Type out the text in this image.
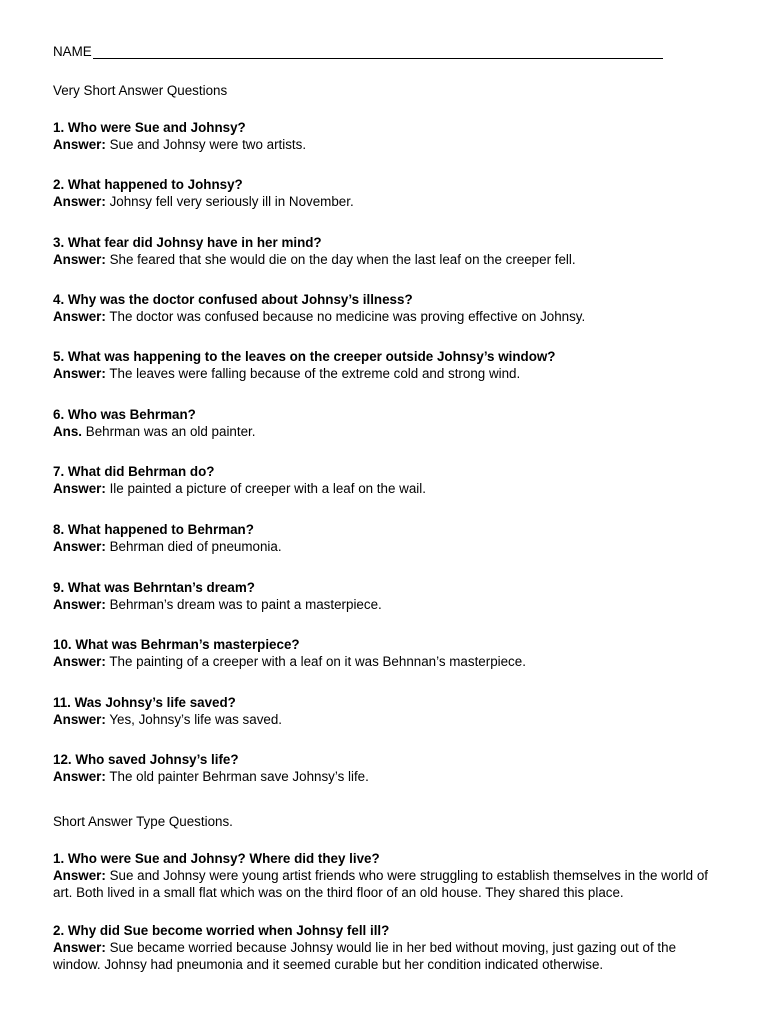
NAME
Very Short Answer Questions
1. Who were Sue and Johnsy?
Answer: Sue and Johnsy were two artists.
2. What happened to Johnsy?
Answer: Johnsy fell very seriously ill in November.
3. What fear did Johnsy have in her mind?
Answer: She feared that she would die on the day when the last leaf on the creeper fell.
4. Why was the doctor confused about Johnsy’s illness?
Answer: The doctor was confused because no medicine was proving effective on Johnsy.
5. What was happening to the leaves on the creeper outside Johnsy’s window?
Answer: The leaves were falling because of the extreme cold and strong wind.
6. Who was Behrman?
Ans. Behrman was an old painter.
7. What did Behrman do?
Answer: Ile painted a picture of creeper with a leaf on the wail.
8. What happened to Behrman?
Answer: Behrman died of pneumonia.
9. What was Behrntan’s dream?
Answer: Behrman’s dream was to paint a masterpiece.
10. What was Behrman’s masterpiece?
Answer: The painting of a creeper with a leaf on it was Behnnan’s masterpiece.
11. Was Johnsy’s life saved?
Answer: Yes, Johnsy’s life was saved.
12. Who saved Johnsy’s life?
Answer: The old painter Behrman save Johnsy’s life.
Short Answer Type Questions.
1. Who were Sue and Johnsy? Where did they live?
Answer: Sue and Johnsy were young artist friends who were struggling to establish themselves in the world of art. Both lived in a small flat which was on the third floor of an old house. They shared this place.
2. Why did Sue become worried when Johnsy fell ill?
Answer: Sue became worried because Johnsy would lie in her bed without moving, just gazing out of the window. Johnsy had pneumonia and it seemed curable but her condition indicated otherwise.
